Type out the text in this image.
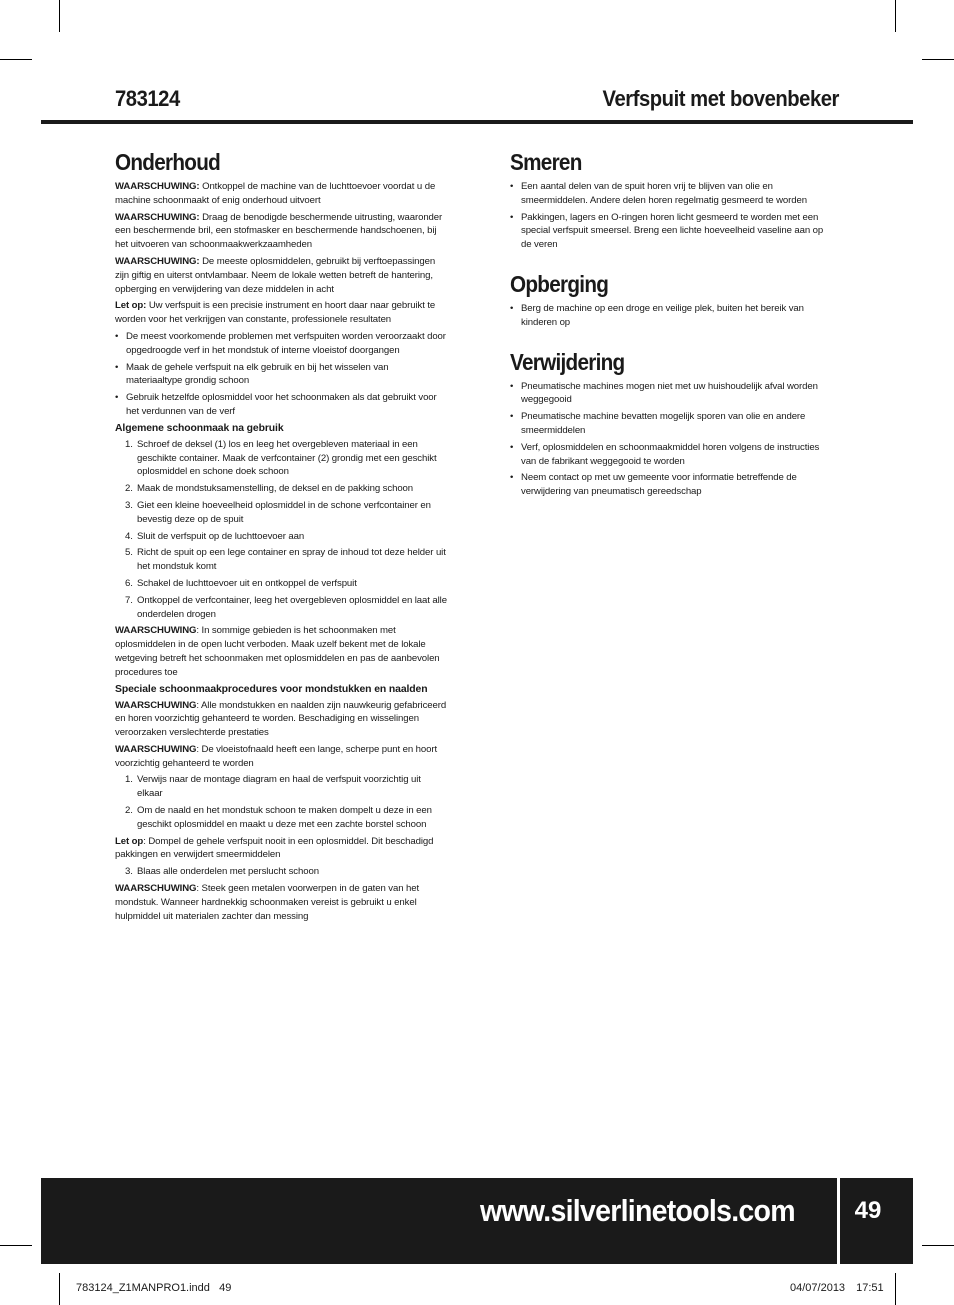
783124	Verfspuit met bovenbeker
Onderhoud

WAARSCHUWING: Ontkoppel de machine van de luchttoevoer voordat u de machine schoonmaakt of enig onderhoud uitvoert

WAARSCHUWING: Draag de benodigde beschermende uitrusting, waaronder een beschermende bril, een stofmasker en beschermende handschoenen, bij het uitvoeren van schoonmaakwerkzaamheden

WAARSCHUWING: De meeste oplosmiddelen, gebruikt bij verftoepassingen zijn giftig en uiterst ontvlambaar. Neem de lokale wetten betreft de hantering, opberging en verwijdering van deze middelen in acht

Let op: Uw verfspuit is een precisie instrument en hoort daar naar gebruikt te worden voor het verkrijgen van constante, professionele resultaten

• De meest voorkomende problemen met verfspuiten worden veroorzaakt door opgedroogde verf in het mondstuk of interne vloeistof doorgangen
• Maak de gehele verfspuit na elk gebruik en bij het wisselen van materiaaltype grondig schoon
• Gebruik hetzelfde oplosmiddel voor het schoonmaken als dat gebruikt voor het verdunnen van de verf
Algemene schoonmaak na gebruik
1. Schroef de deksel (1) los en leeg het overgebleven materiaal in een geschikte container. Maak de verfcontainer (2) grondig met een geschikt oplosmiddel en schone doek schoon
2. Maak de mondstuksamenstelling, de deksel en de pakking schoon
3. Giet een kleine hoeveelheid oplosmiddel in de schone verfcontainer en bevestig deze op de spuit
4. Sluit de verfspuit op de luchttoevoer aan
5. Richt de spuit op een lege container en spray de inhoud tot deze helder uit het mondstuk komt
6. Schakel de luchttoevoer uit en ontkoppel de verfspuit
7. Ontkoppel de verfcontainer, leeg het overgebleven oplosmiddel en laat alle onderdelen drogen

WAARSCHUWING: In sommige gebieden is het schoonmaken met oplosmiddelen in de open lucht verboden. Maak uzelf bekent met de lokale wetgeving betreft het schoonmaken met oplosmiddelen en pas de aanbevolen procedures toe

Speciale schoonmaakprocedures voor mondstukken en naalden

WAARSCHUWING: Alle mondstukken en naalden zijn nauwkeurig gefabriceerd en horen voorzichtig gehanteerd te worden. Beschadiging en wisselingen veroorzaken verslechterde prestaties

WAARSCHUWING: De vloeistofnaald heeft een lange, scherpe punt en hoort voorzichtig gehanteerd te worden

1. Verwijs naar de montage diagram en haal de verfspuit voorzichtig uit elkaar
2. Om de naald en het mondstuk schoon te maken dompelt u deze in een geschikt oplosmiddel en maakt u deze met een zachte borstel schoon

Let op: Dompel de gehele verfspuit nooit in een oplosmiddel. Dit beschadigd pakkingen en verwijdert smeermiddelen

3. Blaas alle onderdelen met perslucht schoon

WAARSCHUWING: Steek geen metalen voorwerpen in de gaten van het mondstuk. Wanneer hardnekkig schoonmaken vereist is gebruikt u enkel hulpmiddel uit materialen zachter dan messing

Smeren
• Een aantal delen van de spuit horen vrij te blijven van olie en smeermiddelen. Andere delen horen regelmatig gesmeerd te worden
• Pakkingen, lagers en O-ringen horen licht gesmeerd te worden met een special verfspuit smeersel. Breng een lichte hoeveelheid vaseline aan op de veren
Opberging
• Berg de machine op een droge en veilige plek, buiten het bereik van kinderen op
Verwijdering
• Pneumatische machines mogen niet met uw huishoudelijk afval worden weggegooid
• Pneumatische machine bevatten mogelijk sporen van olie en andere smeermiddelen
• Verf, oplosmiddelen en schoonmaakmiddel horen volgens de instructies van de fabrikant weggegooid te worden
• Neem contact op met uw gemeente voor informatie betreffende de verwijdering van pneumatisch gereedschap
www.silverlinetools.com	49
783124_Z1MANPRO1.indd   49	04/07/2013 17:51
